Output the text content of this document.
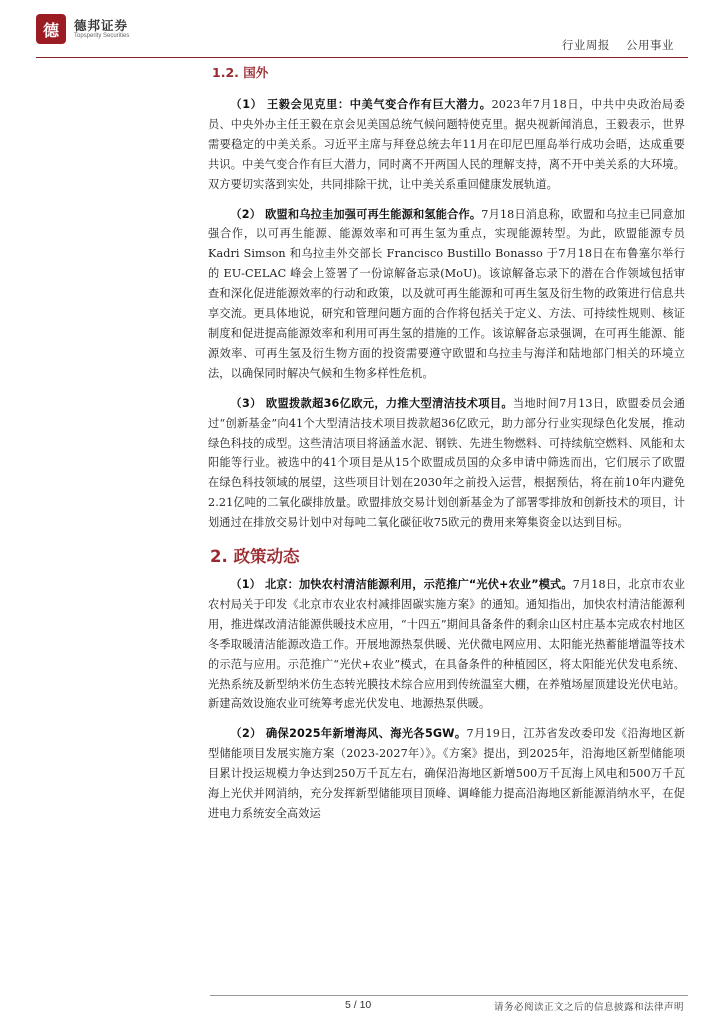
德	德邦证券
Topsperity Securities
行业周报 公用事业
1.2. 国外

（1） 王毅会见克里：中美气变合作有巨大潜力。2023年7月18日，中共中央政治局委员、中央外办主任王毅在京会见美国总统气候问题特使克里。据央视新闻消息，王毅表示，世界需要稳定的中美关系。习近平主席与拜登总统去年11月在印尼巴厘岛举行成功会晤，达成重要共识。中美气变合作有巨大潜力，同时离不开两国人民的理解支持，离不开中美关系的大环境。双方要切实落到实处，共同排除干扰，让中美关系重回健康发展轨道。

（2） 欧盟和乌拉圭加强可再生能源和氢能合作。7月18日消息称，欧盟和乌拉圭已同意加强合作，以可再生能源、能源效率和可再生氢为重点，实现能源转型。为此，欧盟能源专员 Kadri Simson 和乌拉圭外交部长 Francisco Bustillo Bonasso 于7月18日在布鲁塞尔举行的 EU-CELAC 峰会上签署了一份谅解备忘录(MoU)。该谅解备忘录下的潜在合作领域包括审查和深化促进能源效率的行动和政策，以及就可再生能源和可再生氢及衍生物的政策进行信息共享交流。更具体地说，研究和管理问题方面的合作将包括关于定义、方法、可持续性规则、核证制度和促进提高能源效率和利用可再生氢的措施的工作。该谅解备忘录强调，在可再生能源、能源效率、可再生氢及衍生物方面的投资需要遵守欧盟和乌拉圭与海洋和陆地部门相关的环境立法，以确保同时解决气候和生物多样性危机。

（3） 欧盟拨款超36亿欧元，力推大型清洁技术项目。当地时间7月13日，欧盟委员会通过“创新基金”向41个大型清洁技术项目拨款超36亿欧元，助力部分行业实现绿色化发展，推动绿色科技的成型。这些清洁项目将涵盖水泥、钢铁、先进生物燃料、可持续航空燃料、风能和太阳能等行业。被选中的41个项目是从15个欧盟成员国的众多申请中筛选而出，它们展示了欧盟在绿色科技领域的展望，这些项目计划在2030年之前投入运营，根据预估，将在前10年内避免2.21亿吨的二氧化碳排放量。欧盟排放交易计划创新基金为了部署零排放和创新技术的项目，计划通过在排放交易计划中对每吨二氧化碳征收75欧元的费用来筹集资金以达到目标。

2. 政策动态

（1） 北京：加快农村清洁能源利用，示范推广“光伏+农业”模式。7月18日，北京市农业农村局关于印发《北京市农业农村减排固碳实施方案》的通知。通知指出，加快农村清洁能源利用，推进煤改清洁能源供暖技术应用，“十四五”期间具备条件的剩余山区村庄基本完成农村地区冬季取暖清洁能源改造工作。开展地源热泵供暖、光伏微电网应用、太阳能光热蓄能增温等技术的示范与应用。示范推广“光伏+农业”模式，在具备条件的种植园区，将太阳能光伏发电系统、光热系统及新型纳米仿生态转光膜技术综合应用到传统温室大棚，在养殖场屋顶建设光伏电站。新建高效设施农业可统筹考虑光伏发电、地源热泵供暖。

（2） 确保2025年新增海风、海光各5GW。7月19日，江苏省发改委印发《沿海地区新型储能项目发展实施方案（2023-2027年）》。《方案》提出，到2025年，沿海地区新型储能项目累计投运规模力争达到250万千瓦左右，确保沿海地区新增500万千瓦海上风电和500万千瓦海上光伏并网消纳，充分发挥新型储能项目顶峰、调峰能力提高沿海地区新能源消纳水平，在促进电力系统安全高效运

5 / 10	请务必阅读正文之后的信息披露和法律声明
